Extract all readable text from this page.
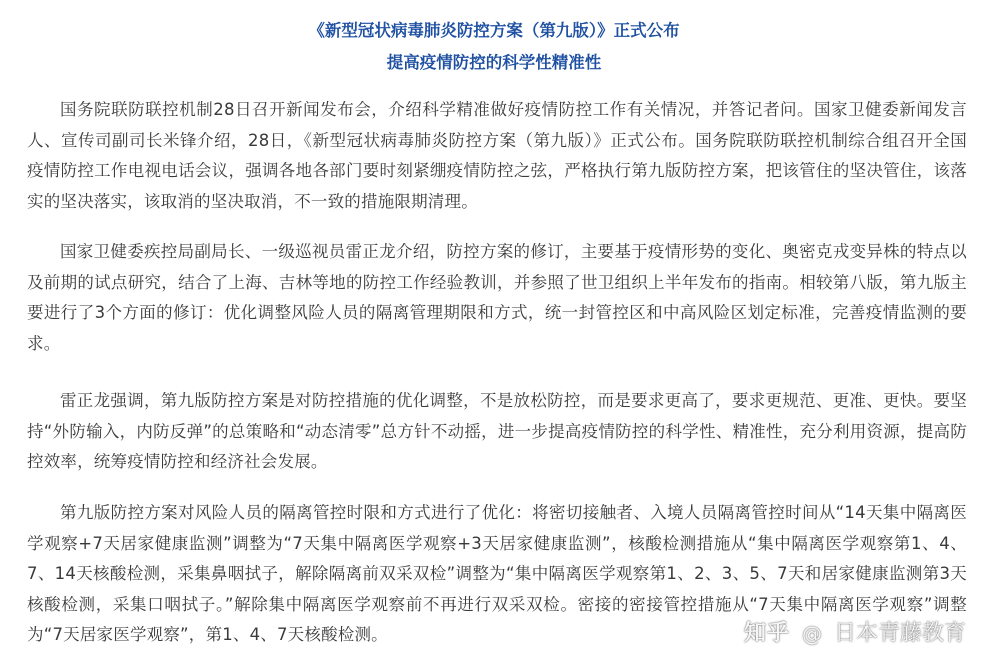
《新型冠状病毒肺炎防控方案（第九版）》正式公布
提高疫情防控的科学性精准性

国务院联防联控机制28日召开新闻发布会，介绍科学精准做好疫情防控工作有关情况，并答记者问。国家卫健委新闻发言人、宣传司副司长米锋介绍，28日，《新型冠状病毒肺炎防控方案（第九版）》正式公布。国务院联防联控机制综合组召开全国疫情防控工作电视电话会议，强调各地各部门要时刻紧绷疫情防控之弦，严格执行第九版防控方案，把该管住的坚决管住，该落实的坚决落实，该取消的坚决取消，不一致的措施限期清理。

国家卫健委疾控局副局长、一级巡视员雷正龙介绍，防控方案的修订，主要基于疫情形势的变化、奥密克戎变异株的特点以及前期的试点研究，结合了上海、吉林等地的防控工作经验教训，并参照了世卫组织上半年发布的指南。相较第八版，第九版主要进行了3个方面的修订：优化调整风险人员的隔离管理期限和方式，统一封管控区和中高风险区划定标准，完善疫情监测的要求。

雷正龙强调，第九版防控方案是对防控措施的优化调整，不是放松防控，而是要求更高了，要求更规范、更准、更快。要坚持“外防输入，内防反弹”的总策略和“动态清零”总方针不动摇，进一步提高疫情防控的科学性、精准性，充分利用资源，提高防控效率，统筹疫情防控和经济社会发展。

第九版防控方案对风险人员的隔离管控时限和方式进行了优化：将密切接触者、入境人员隔离管控时间从“14天集中隔离医学观察+7天居家健康监测”调整为“7天集中隔离医学观察+3天居家健康监测”，核酸检测措施从“集中隔离医学观察第1、4、7、14天核酸检测，采集鼻咽拭子，解除隔离前双采双检”调整为“集中隔离医学观察第1、2、3、5、7天和居家健康监测第3天核酸检测，采集口咽拭子。”解除集中隔离医学观察前不再进行双采双检。密接的密接管控措施从“7天集中隔离医学观察”调整为“7天居家医学观察”，第1、4、7天核酸检测。	知乎 @ 日本青藤教育
